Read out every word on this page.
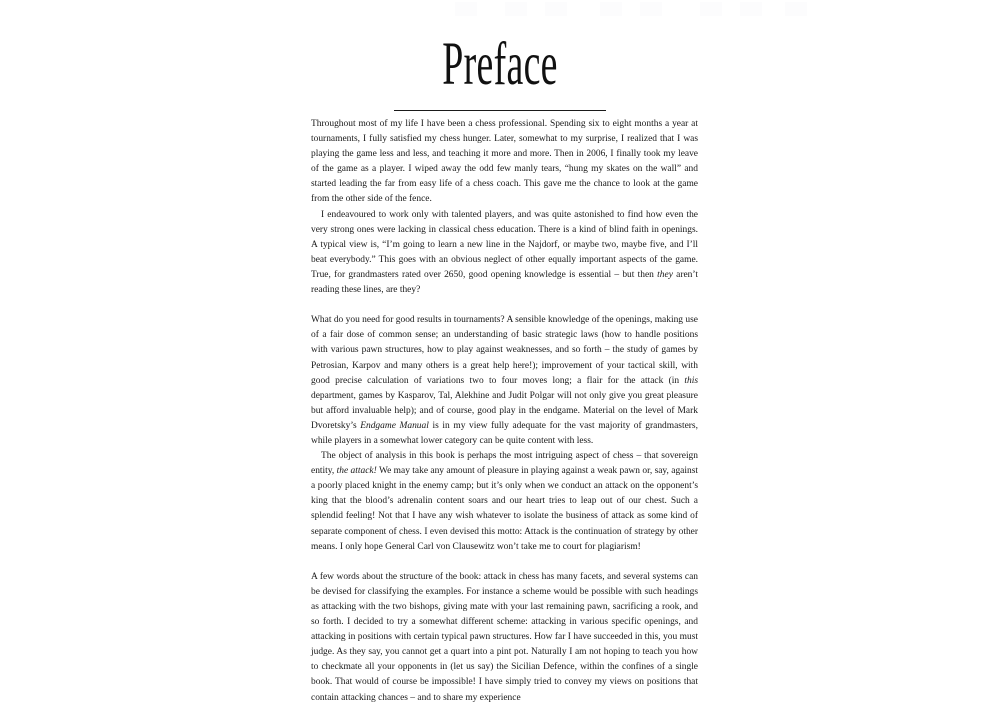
Preface

Throughout most of my life I have been a chess professional. Spending six to eight months a year at tournaments, I fully satisfied my chess hunger. Later, somewhat to my surprise, I realized that I was playing the game less and less, and teaching it more and more. Then in 2006, I finally took my leave of the game as a player. I wiped away the odd few manly tears, “hung my skates on the wall” and started leading the far from easy life of a chess coach. This gave me the chance to look at the game from the other side of the fence.

I endeavoured to work only with talented players, and was quite astonished to find how even the very strong ones were lacking in classical chess education. There is a kind of blind faith in openings. A typical view is, “I’m going to learn a new line in the Najdorf, or maybe two, maybe five, and I’ll beat everybody.” This goes with an obvious neglect of other equally important aspects of the game. True, for grandmasters rated over 2650, good opening knowledge is essential – but then they aren’t reading these lines, are they?

What do you need for good results in tournaments? A sensible knowledge of the openings, making use of a fair dose of common sense; an understanding of basic strategic laws (how to handle positions with various pawn structures, how to play against weaknesses, and so forth – the study of games by Petrosian, Karpov and many others is a great help here!); improvement of your tactical skill, with good precise calculation of variations two to four moves long; a flair for the attack (in this department, games by Kasparov, Tal, Alekhine and Judit Polgar will not only give you great pleasure but afford invaluable help); and of course, good play in the endgame. Material on the level of Mark Dvoretsky’s Endgame Manual is in my view fully adequate for the vast majority of grandmasters, while players in a somewhat lower category can be quite content with less.

The object of analysis in this book is perhaps the most intriguing aspect of chess – that sovereign entity, the attack! We may take any amount of pleasure in playing against a weak pawn or, say, against a poorly placed knight in the enemy camp; but it’s only when we conduct an attack on the opponent’s king that the blood’s adrenalin content soars and our heart tries to leap out of our chest. Such a splendid feeling! Not that I have any wish whatever to isolate the business of attack as some kind of separate component of chess. I even devised this motto: Attack is the continuation of strategy by other means. I only hope General Carl von Clausewitz won’t take me to court for plagiarism!

A few words about the structure of the book: attack in chess has many facets, and several systems can be devised for classifying the examples. For instance a scheme would be possible with such headings as attacking with the two bishops, giving mate with your last remaining pawn, sacrificing a rook, and so forth. I decided to try a somewhat different scheme: attacking in various specific openings, and attacking in positions with certain typical pawn structures. How far I have succeeded in this, you must judge. As they say, you cannot get a quart into a pint pot. Naturally I am not hoping to teach you how to checkmate all your opponents in (let us say) the Sicilian Defence, within the confines of a single book. That would of course be impossible! I have simply tried to convey my views on positions that contain attacking chances – and to share my experience
